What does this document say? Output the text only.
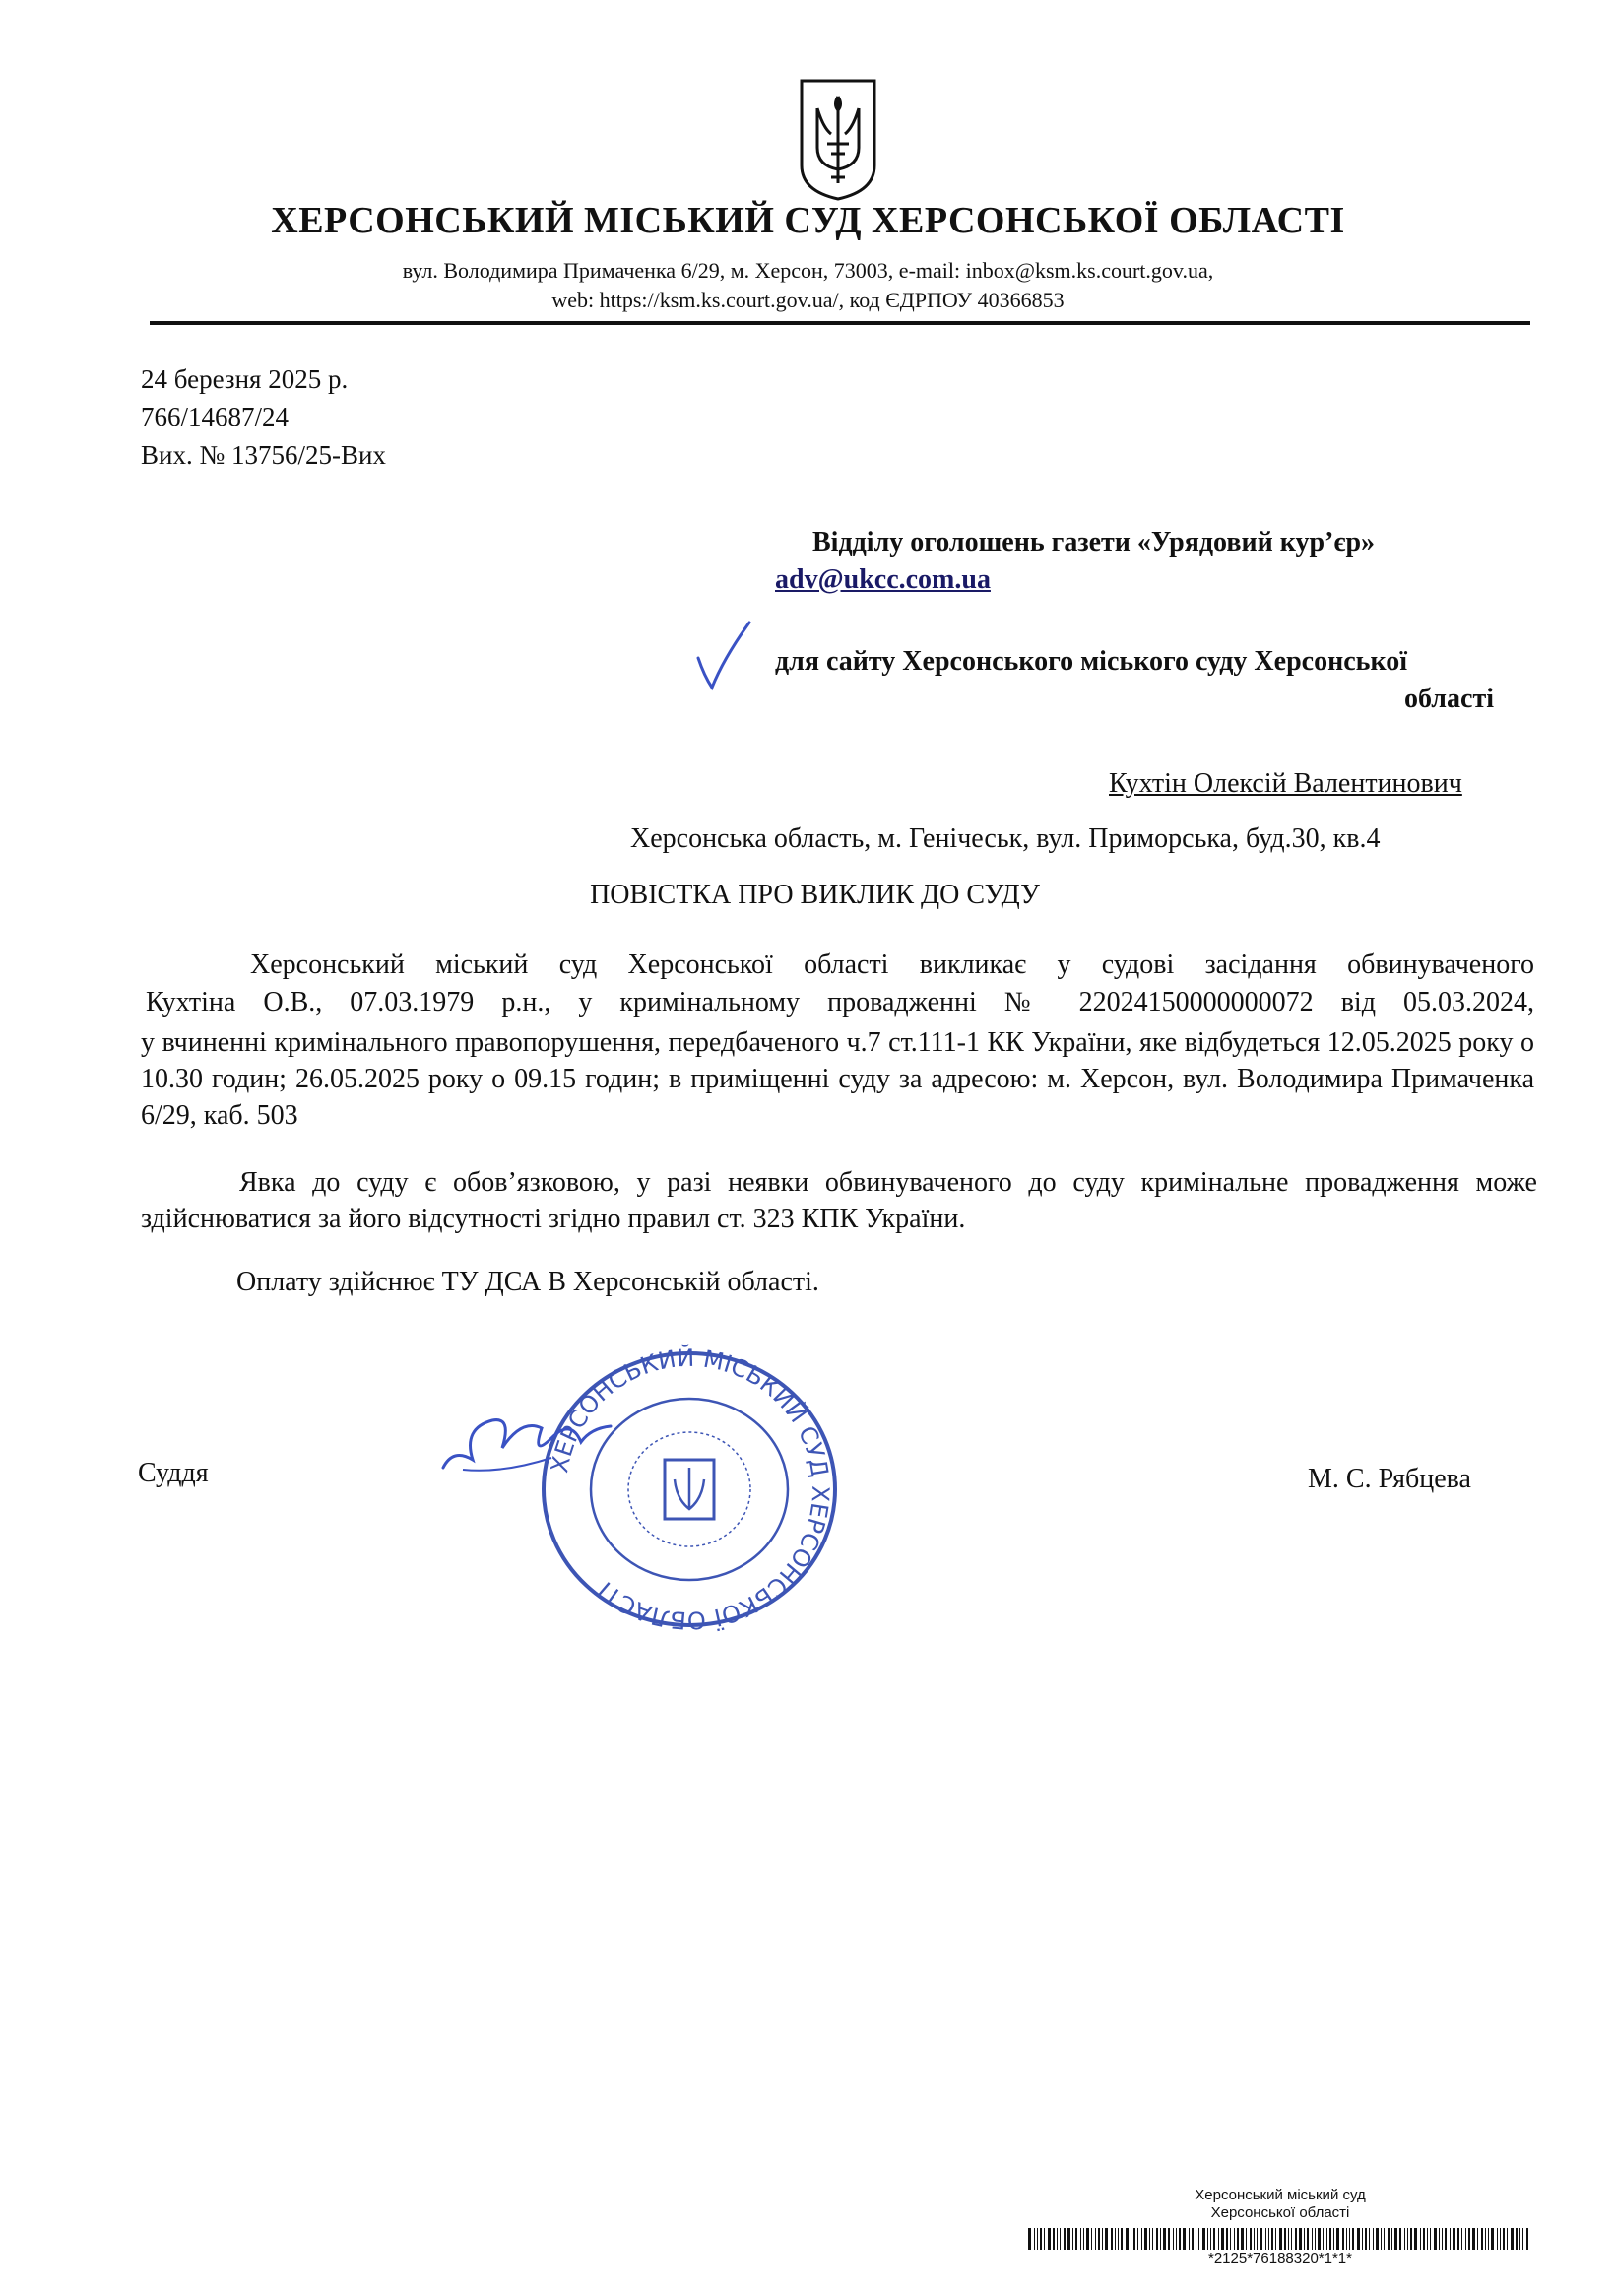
ХЕРСОНСЬКИЙ МІСЬКИЙ СУД ХЕРСОНСЬКОЇ ОБЛАСТІ
вул. Володимира Примаченка 6/29, м. Херсон, 73003, e-mail: inbox@ksm.ks.court.gov.ua,
web: https://ksm.ks.court.gov.ua/, код ЄДРПОУ 40366853
24 березня 2025 р.
766/14687/24
Вих. № 13756/25-Вих
Відділу оголошень газети «Урядовий кур’єр»
adv@ukcc.com.ua
для сайту Херсонського міського суду Херсонської
області
Кухтін Олексій Валентинович
Херсонська область, м. Генічеськ, вул. Приморська, буд.30, кв.4
ПОВІСТКА ПРО ВИКЛИК ДО СУДУ
Херсонський міський суд Херсонської області викликає у судові засідання обвинуваченого
Кухтіна О.В., 07.03.1979 р.н., у кримінальному провадженні № 22024150000000072 від 05.03.2024,
у вчиненні кримінального правопорушення, передбаченого ч.7 ст.111-1 КК України, яке відбудеться 12.05.2025 року о 10.30 годин; 26.05.2025 року о 09.15 годин; в приміщенні суду за адресою: м. Херсон, вул. Володимира Примаченка 6/29, каб. 503
Явка до суду є обов’язковою, у разі неявки обвинуваченого до суду кримінальне провадження може здійснюватися за його відсутності згідно правил ст. 323 КПК України.
Оплату здійснює ТУ ДСА В Херсонській області.
ХЕРСОНСЬКИЙ МІСЬКИЙ СУД ХЕРСОНСЬКОЇ ОБЛАСТІ
Суддя	М. С. Рябцева
Херсонський міський суд
Херсонської області
*2125*76188320*1*1*
